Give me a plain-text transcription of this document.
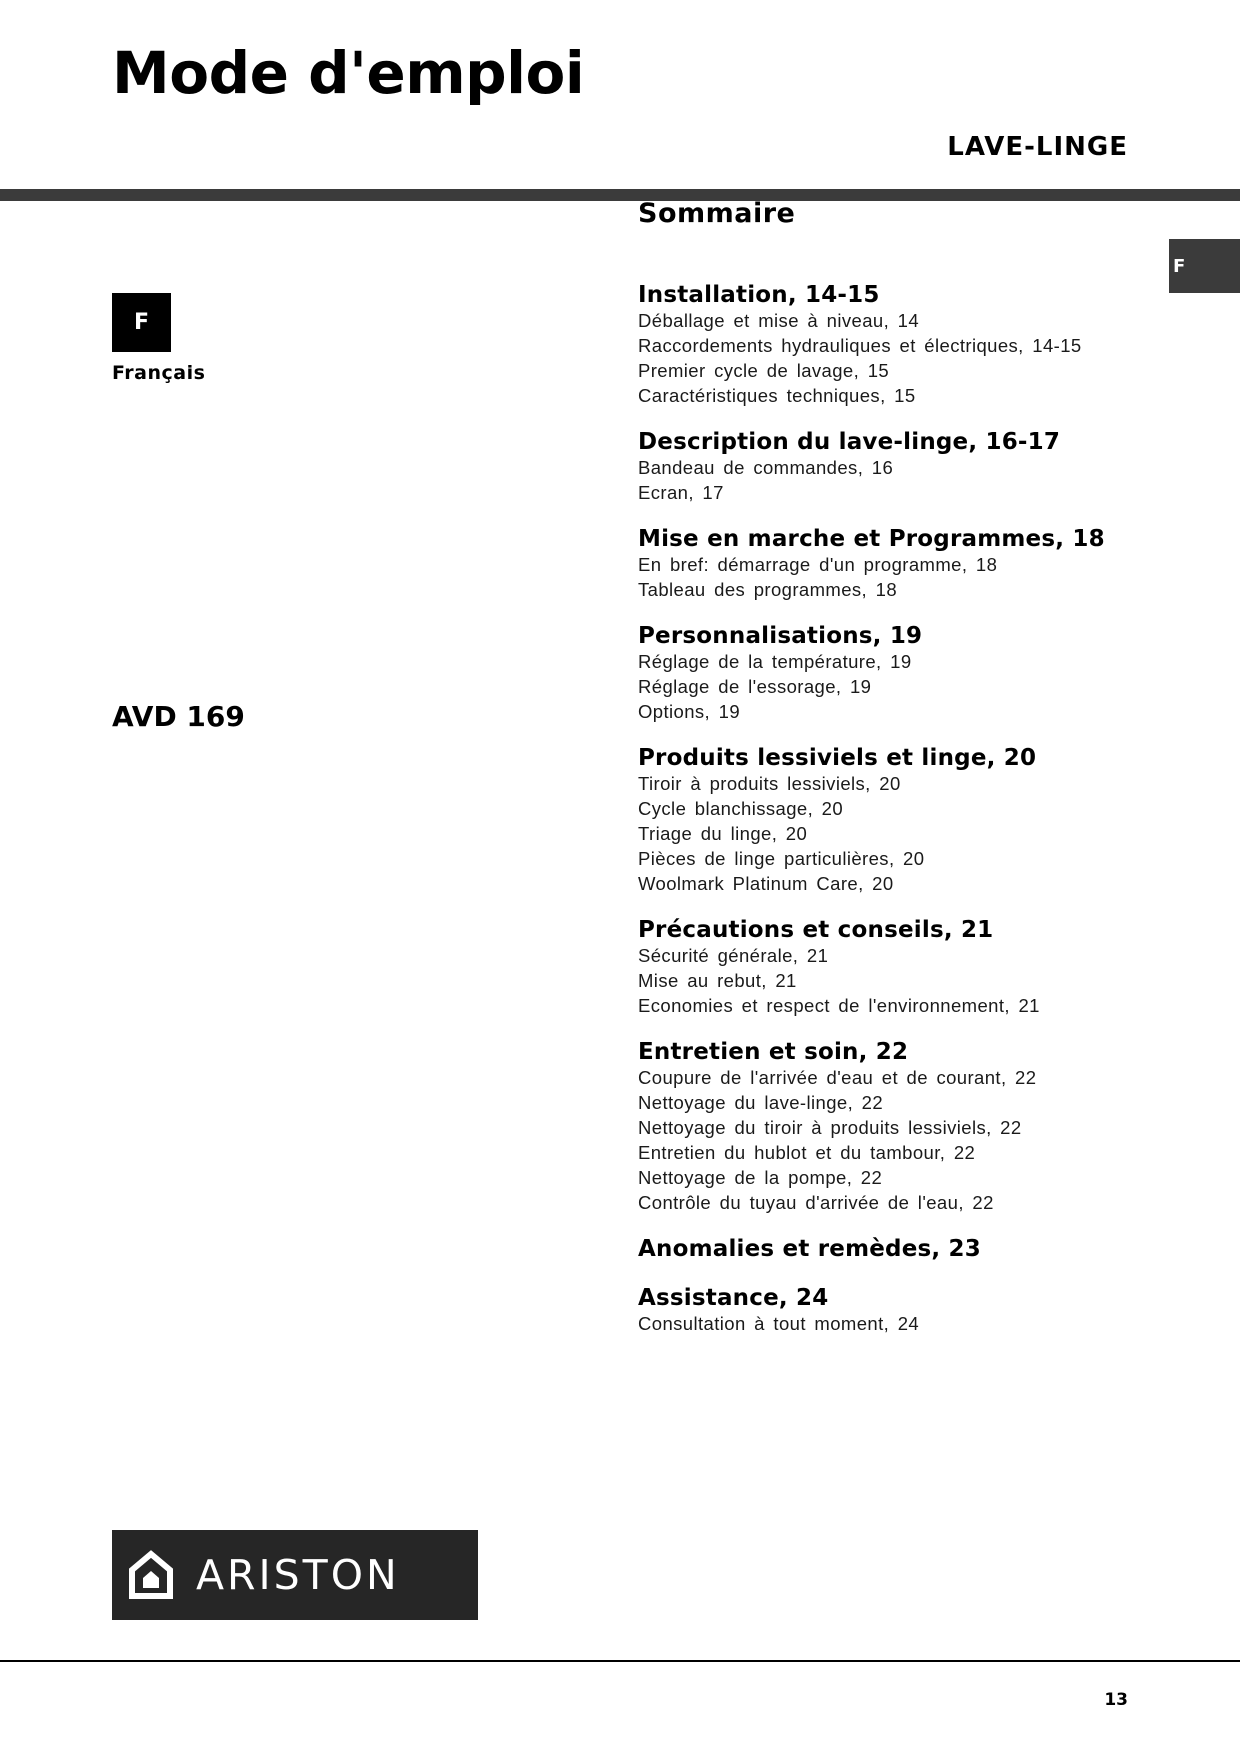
Mode d'emploi
LAVE-LINGE
F
F
Français
AVD 169
Sommaire
Installation, 14-15
Déballage et mise à niveau, 14
Raccordements hydrauliques et électriques, 14-15
Premier cycle de lavage, 15
Caractéristiques techniques, 15
Description du lave-linge, 16-17
Bandeau de commandes, 16
Ecran, 17
Mise en marche et Programmes, 18
En bref: démarrage d'un programme, 18
Tableau des programmes, 18
Personnalisations, 19
Réglage de la température, 19
Réglage de l'essorage, 19
Options, 19
Produits lessiviels et linge, 20
Tiroir à produits lessiviels, 20
Cycle blanchissage, 20
Triage du linge, 20
Pièces de linge particulières, 20
Woolmark Platinum Care, 20
Précautions et conseils, 21
Sécurité générale, 21
Mise au rebut, 21
Economies et respect de l'environnement, 21
Entretien et soin, 22
Coupure de l'arrivée d'eau et de courant, 22
Nettoyage du lave-linge, 22
Nettoyage du tiroir à produits lessiviels, 22
Entretien du hublot et du tambour, 22
Nettoyage de la pompe, 22
Contrôle du tuyau d'arrivée de l'eau, 22
Anomalies et remèdes, 23
Assistance, 24
Consultation à tout moment, 24
ARISTON
13
